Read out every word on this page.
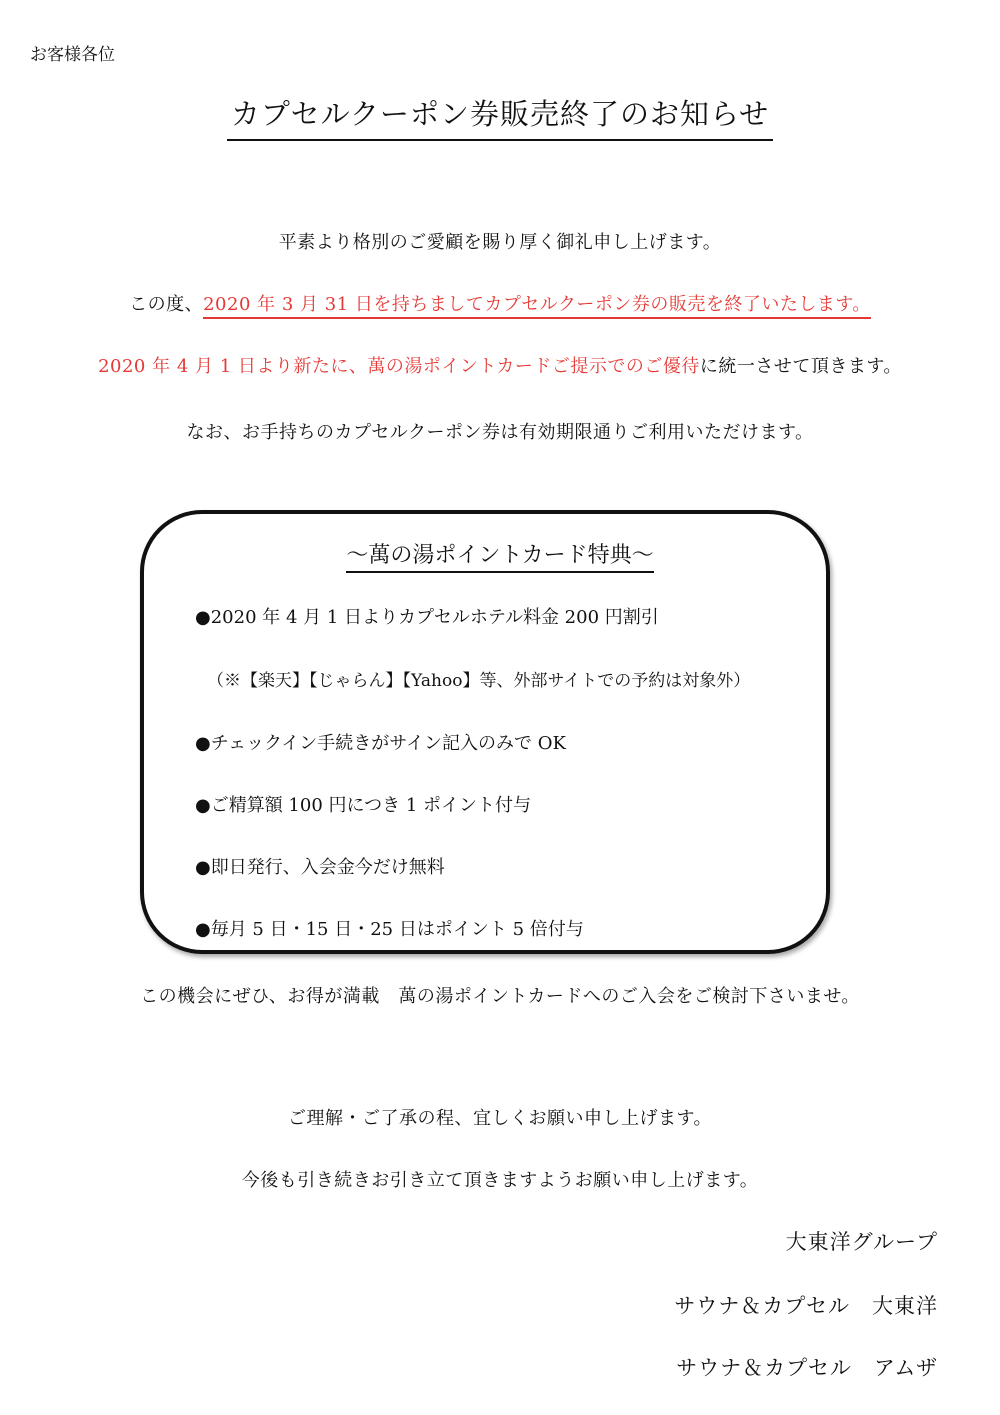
お客様各位
カプセルクーポン券販売終了のお知らせ
平素より格別のご愛顧を賜り厚く御礼申し上げます。
この度、2020 年 3 月 31 日を持ちましてカプセルクーポン券の販売を終了いたします。
2020 年 4 月 1 日より新たに、萬の湯ポイントカードご提示でのご優待に統一させて頂きます。
なお、お手持ちのカプセルクーポン券は有効期限通りご利用いただけます。
〜萬の湯ポイントカード特典〜
●2020 年 4 月 1 日よりカプセルホテル料金 200 円割引
（※【楽天】【じゃらん】【Yahoo】等、外部サイトでの予約は対象外）
●チェックイン手続きがサイン記入のみで OK
●ご精算額 100 円につき 1 ポイント付与
●即日発行、入会金今だけ無料
●毎月 5 日・15 日・25 日はポイント 5 倍付与
この機会にぜひ、お得が満載　萬の湯ポイントカードへのご入会をご検討下さいませ。
ご理解・ご了承の程、宜しくお願い申し上げます。
今後も引き続きお引き立て頂きますようお願い申し上げます。
大東洋グループ
サウナ＆カプセル　大東洋
サウナ＆カプセル　アムザ
